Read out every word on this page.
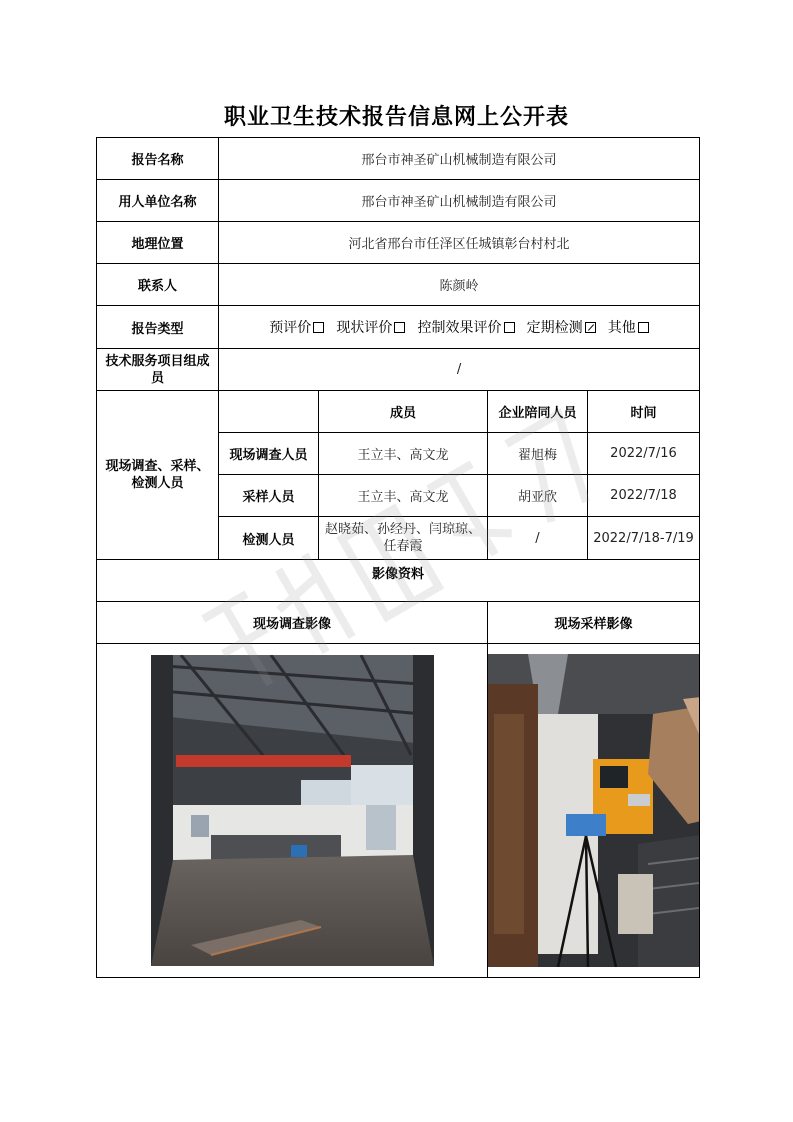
职业卫生技术报告信息网上公开表
报告名称	邢台市神圣矿山机械制造有限公司			
用人单位名称	邢台市神圣矿山机械制造有限公司			
地理位置	河北省邢台市任泽区任城镇彰台村村北			
联系人	陈颜岭			
报告类型	预评价 现状评价 控制效果评价 定期检测 其他			
技术服务项目组成员	/			
现场调查、采样、检测人员		成员	企业陪同人员	时间
	现场调查人员	王立丰、高文龙	翟旭梅	2022/7/16
	采样人员	王立丰、高文龙	胡亚欣	2022/7/18
	检测人员	赵晓茹、孙经丹、闫琼琼、任春霞	/	2022/7/18-7/19
影像资料				
现场调查影像			现场采样影像	
